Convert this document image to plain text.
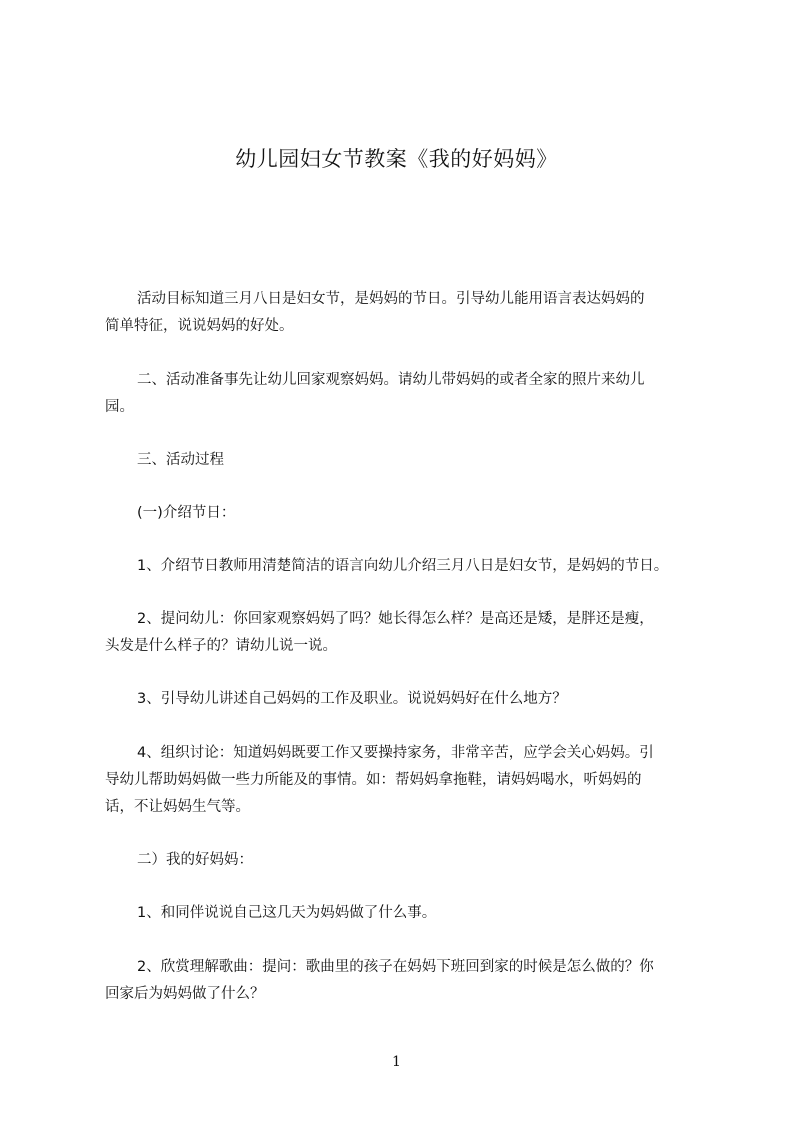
幼儿园妇女节教案《我的好妈妈》
活动目标知道三月八日是妇女节，是妈妈的节日。引导幼儿能用语言表达妈妈的
简单特征，说说妈妈的好处。
二、活动准备事先让幼儿回家观察妈妈。请幼儿带妈妈的或者全家的照片来幼儿
园。
三、活动过程
(一)介绍节日：
1、介绍节日教师用清楚简洁的语言向幼儿介绍三月八日是妇女节，是妈妈的节日。
2、提问幼儿：你回家观察妈妈了吗？她长得怎么样？是高还是矮，是胖还是瘦，
头发是什么样子的？请幼儿说一说。
3、引导幼儿讲述自己妈妈的工作及职业。说说妈妈好在什么地方？
4、组织讨论：知道妈妈既要工作又要操持家务，非常辛苦，应学会关心妈妈。引
导幼儿帮助妈妈做一些力所能及的事情。如：帮妈妈拿拖鞋，请妈妈喝水，听妈妈的
话，不让妈妈生气等。
二）我的好妈妈：
1、和同伴说说自己这几天为妈妈做了什么事。
2、欣赏理解歌曲：提问：歌曲里的孩子在妈妈下班回到家的时候是怎么做的？你
回家后为妈妈做了什么？
1
